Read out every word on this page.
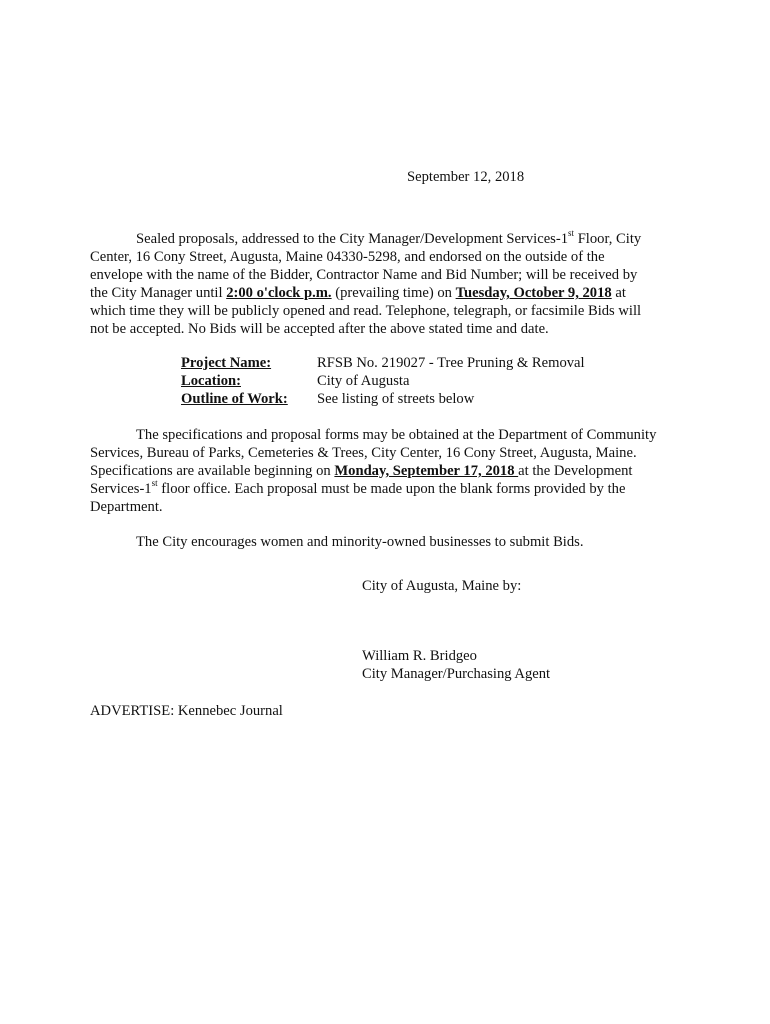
September 12, 2018
Sealed proposals, addressed to the City Manager/Development Services-1st Floor, City
Center, 16 Cony Street, Augusta, Maine 04330-5298, and endorsed on the outside of the
envelope with the name of the Bidder, Contractor Name and Bid Number; will be received by
the City Manager until 2:00 o'clock p.m. (prevailing time) on Tuesday, October 9, 2018 at
which time they will be publicly opened and read. Telephone, telegraph, or facsimile Bids will
not be accepted. No Bids will be accepted after the above stated time and date.
Project Name:	RFSB No. 219027 - Tree Pruning & Removal
Location:	City of Augusta
Outline of Work:	See listing of streets below
The specifications and proposal forms may be obtained at the Department of Community
Services, Bureau of Parks, Cemeteries & Trees, City Center, 16 Cony Street, Augusta, Maine.
Specifications are available beginning on Monday, September 17, 2018 at the Development
Services-1st floor office. Each proposal must be made upon the blank forms provided by the
Department.
The City encourages women and minority-owned businesses to submit Bids.
City of Augusta, Maine by:
William R. Bridgeo
City Manager/Purchasing Agent
ADVERTISE: Kennebec Journal
